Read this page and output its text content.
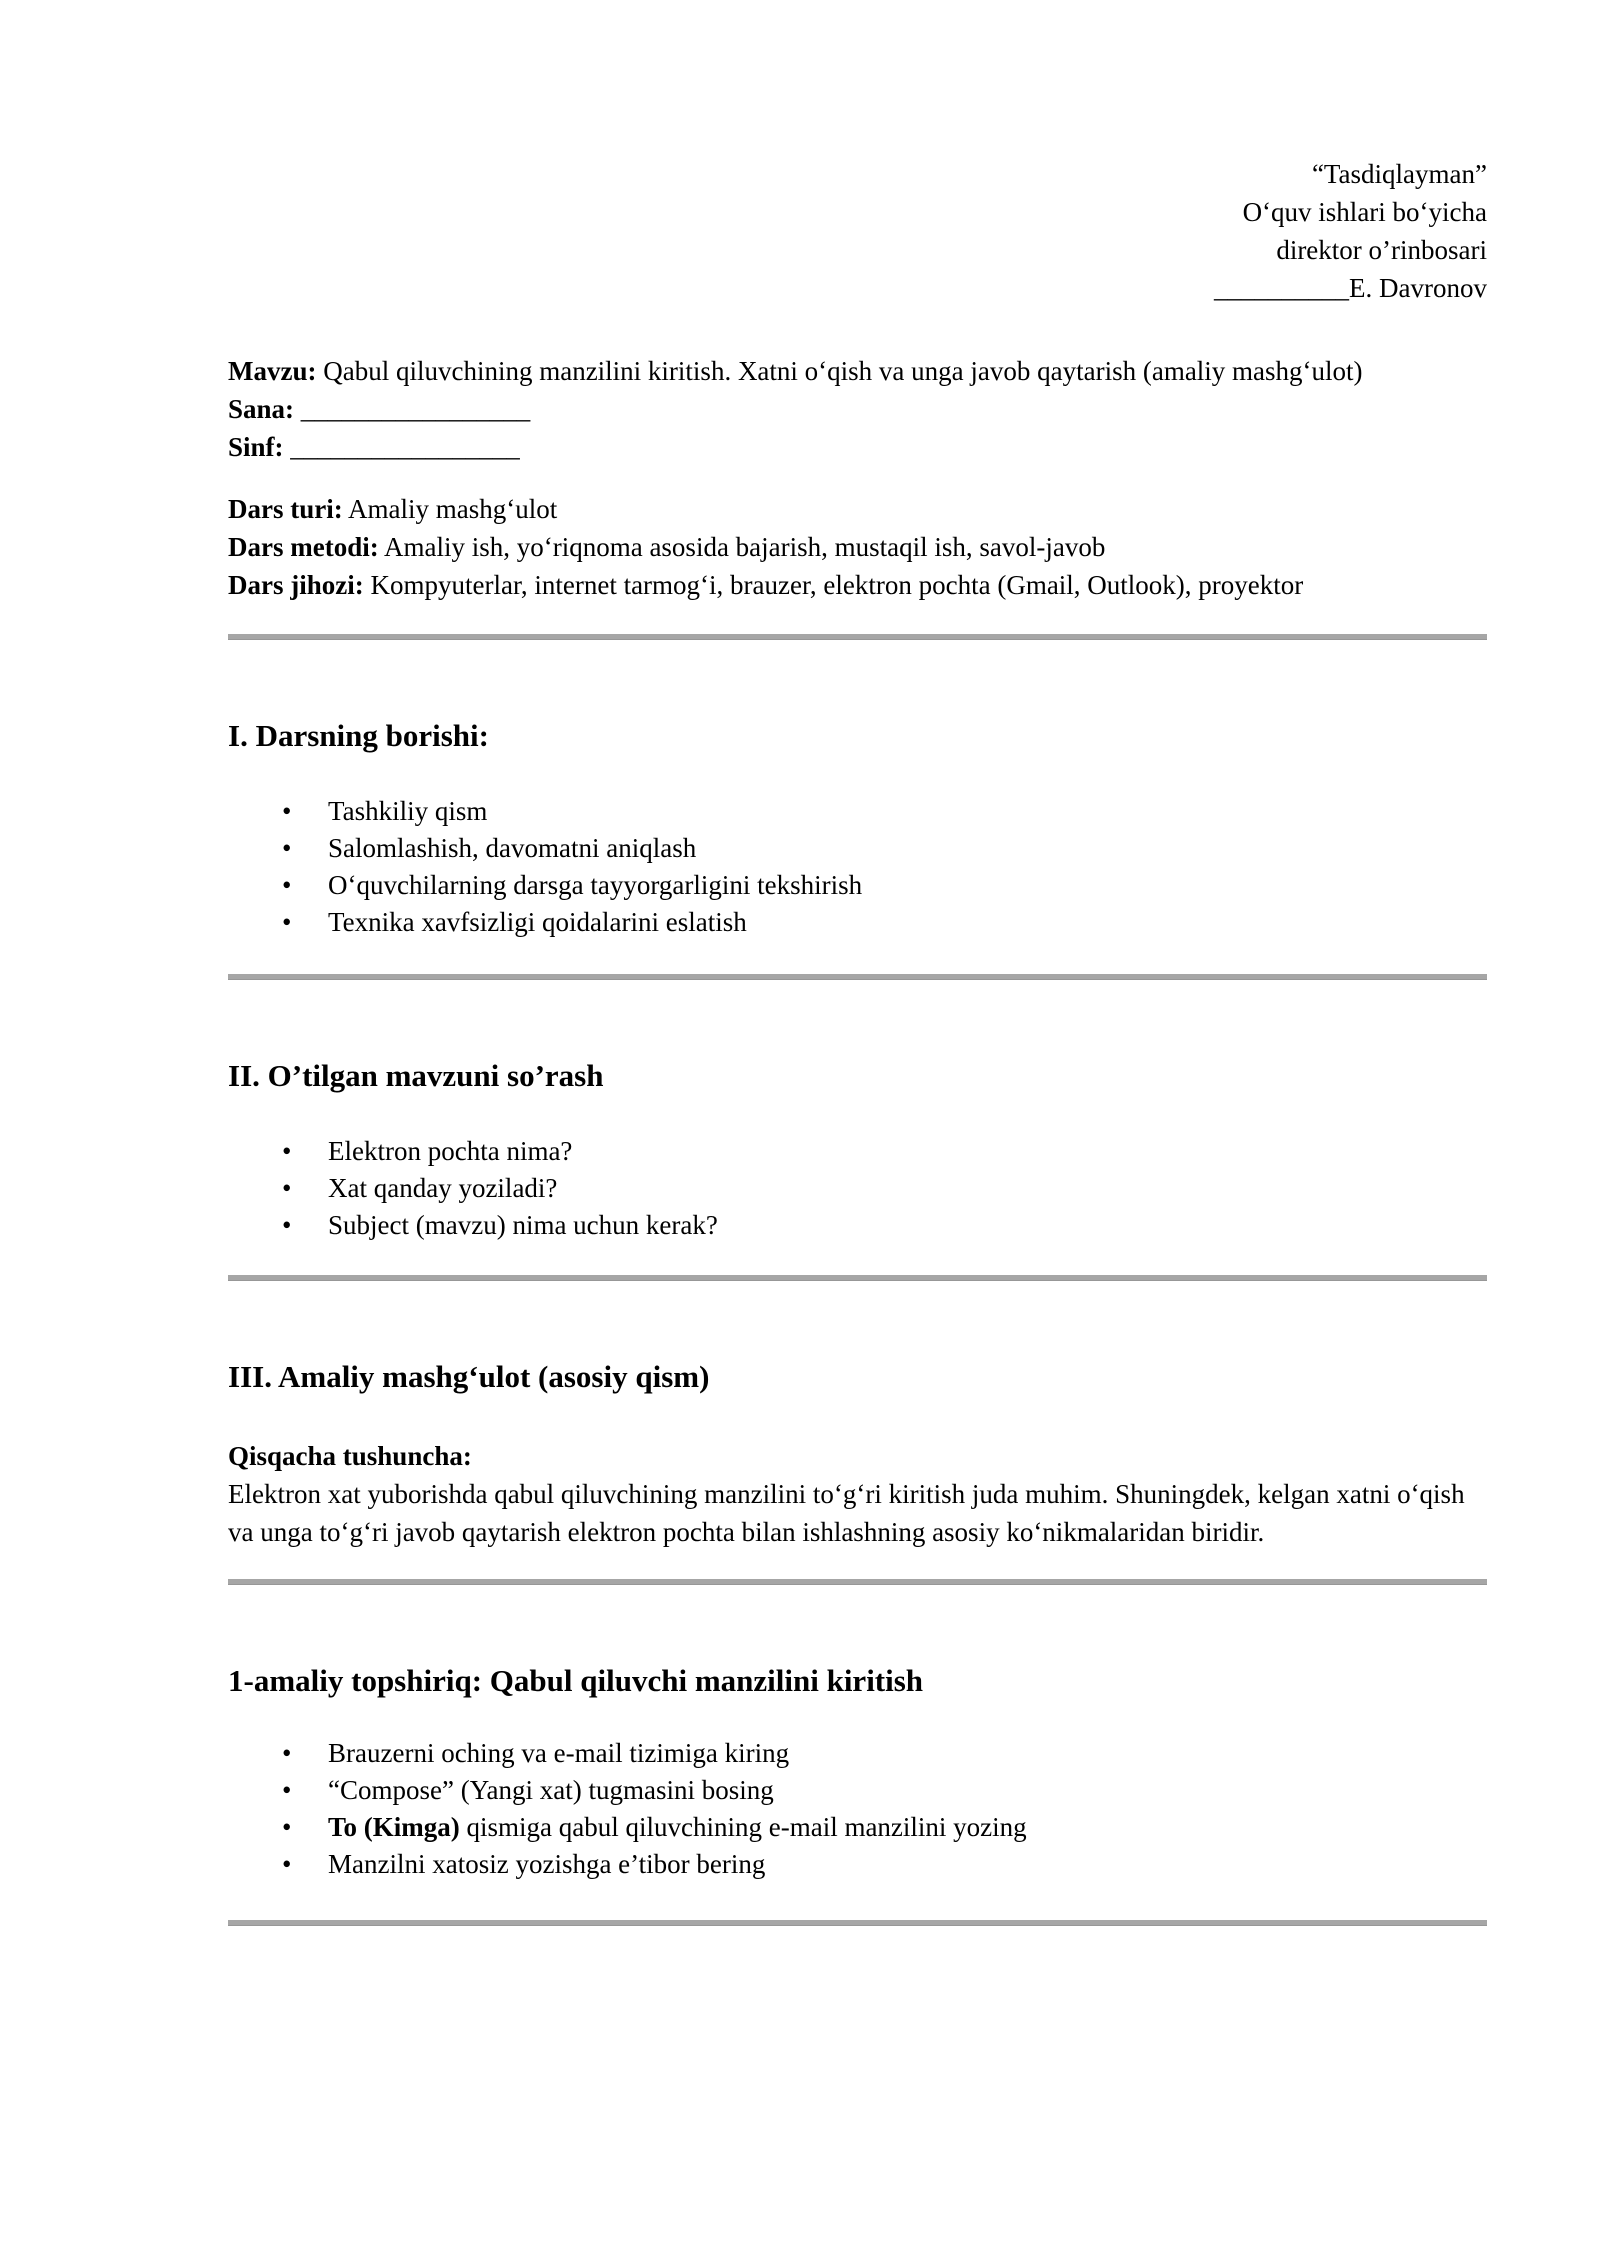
“Tasdiqlayman”

O‘quv ishlari bo‘yicha

direktor o’rinbosari

__________E. Davronov

Mavzu: Qabul qiluvchining manzilini kiritish. Xatni o‘qish va unga javob qaytarish (amaliy mashg‘ulot)

Sana: _________________

Sinf: _________________

Dars turi: Amaliy mashg‘ulot

Dars metodi: Amaliy ish, yo‘riqnoma asosida bajarish, mustaqil ish, savol-javob

Dars jihozi: Kompyuterlar, internet tarmog‘i, brauzer, elektron pochta (Gmail, Outlook), proyektor

I. Darsning borishi:
• Tashkiliy qism
• Salomlashish, davomatni aniqlash
• O‘quvchilarning darsga tayyorgarligini tekshirish
• Texnika xavfsizligi qoidalarini eslatish
II. O’tilgan mavzuni so’rash
• Elektron pochta nima?
• Xat qanday yoziladi?
• Subject (mavzu) nima uchun kerak?
III. Amaliy mashg‘ulot (asosiy qism)

Qisqacha tushuncha:

Elektron xat yuborishda qabul qiluvchining manzilini to‘g‘ri kiritish juda muhim. Shuningdek, kelgan xatni o‘qish va unga to‘g‘ri javob qaytarish elektron pochta bilan ishlashning asosiy ko‘nikmalaridan biridir.

1-amaliy topshiriq: Qabul qiluvchi manzilini kiritish
• Brauzerni oching va e-mail tizimiga kiring
• “Compose” (Yangi xat) tugmasini bosing
• To (Kimga) qismiga qabul qiluvchining e-mail manzilini yozing
• Manzilni xatosiz yozishga e’tibor bering
